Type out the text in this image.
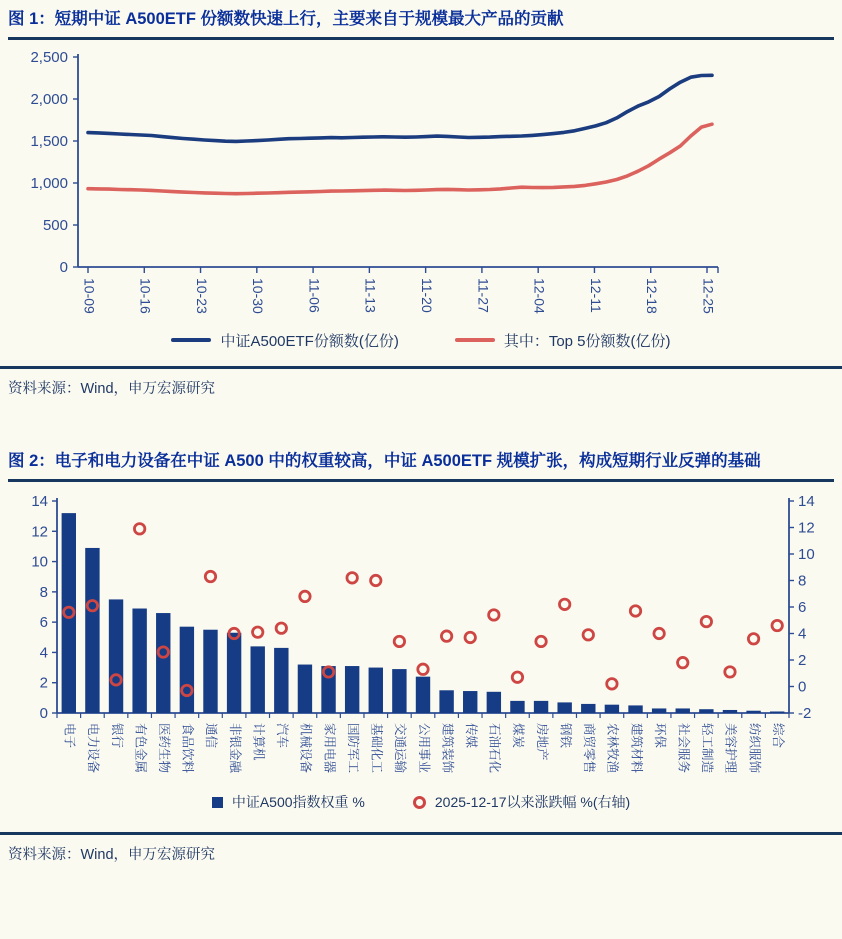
图 1：短期中证 A500ETF 份额数快速上行，主要来自于规模最大产品的贡献
0
500
1,000
1,500
2,000
2,500
10-09	10-16	10-23	10-30	11-06	11-13	11-20	11-27	12-04	12-11	12-18	12-25
中证A500ETF份额数(亿份)	其中：Top 5份额数(亿份)
资料来源：Wind，申万宏源研究
图 2：电子和电力设备在中证 A500 中的权重较高，中证 A500ETF 规模扩张，构成短期行业反弹的基础
0
2
4
6
8
10
12
14
-2
0
2
4
6
8
10
12
14
电子 电力设备 银行 有色金属 医药生物 食品饮料 通信 非银金融 计算机 汽车 机械设备 家用电器 国防军工 基础化工 交通运输 公用事业 建筑装饰 传媒 石油石化 煤炭 房地产 钢铁 商贸零售 农林牧渔 建筑材料 环保 社会服务 轻工制造 美容护理 纺织服饰 综合
中证A500指数权重 %	2025-12-17以来涨跌幅 %(右轴)
资料来源：Wind，申万宏源研究
